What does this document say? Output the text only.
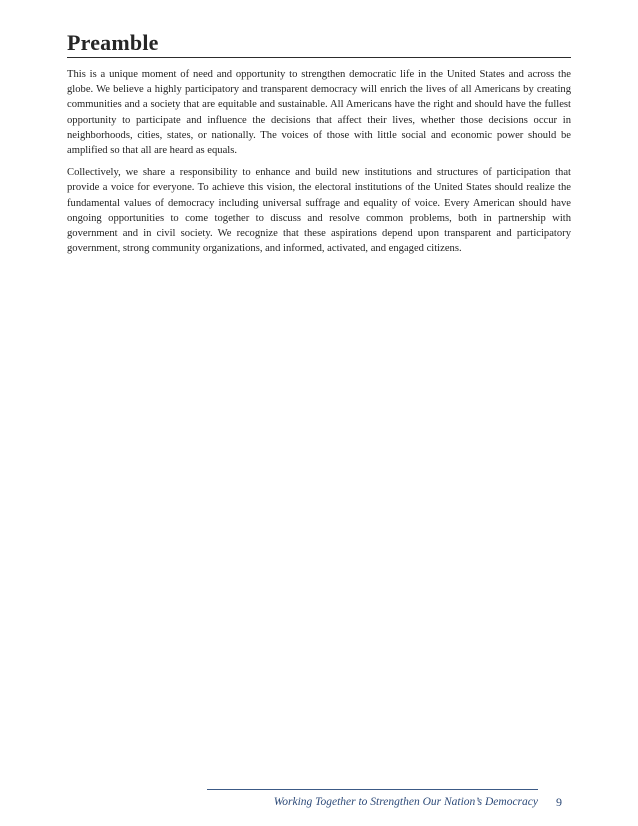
Preamble

This is a unique moment of need and opportunity to strengthen democratic life in the United States and across the globe. We believe a highly participatory and transparent democracy will enrich the lives of all Americans by creating communities and a society that are equitable and sustainable. All Americans have the right and should have the fullest opportunity to participate and influence the decisions that affect their lives, whether those decisions occur in neighborhoods, cities, states, or nationally. The voices of those with little social and economic power should be amplified so that all are heard as equals.

Collectively, we share a responsibility to enhance and build new institutions and structures of participation that provide a voice for everyone. To achieve this vision, the electoral institutions of the United States should realize the fundamental values of democracy including universal suffrage and equality of voice. Every American should have ongoing opportunities to come together to discuss and resolve common problems, both in partnership with government and in civil society. We recognize that these aspirations depend upon transparent and participatory government, strong community organizations, and informed, activated, and engaged citizens.

Working Together to Strengthen Our Nation’s Democracy 9
